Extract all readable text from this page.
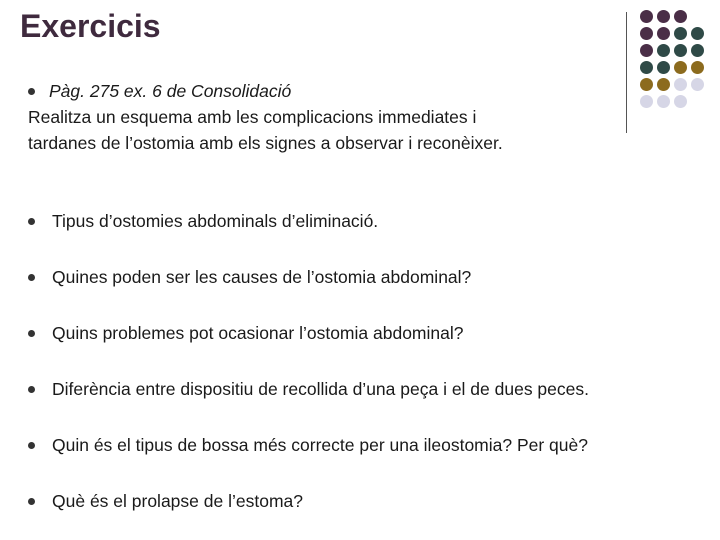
Exercicis
Pàg. 275 ex. 6 de Consolidació
Realitza un esquema amb les complicacions immediates i
tardanes de l’ostomia amb els signes a observar i reconèixer.
Tipus d’ostomies abdominals d’eliminació.
Quines poden ser les causes de l’ostomia abdominal?
Quins problemes pot ocasionar l’ostomia abdominal?
Diferència entre dispositiu de recollida d’una peça i el de dues peces.
Quin és el tipus de bossa més correcte per una ileostomia? Per què?
Què és el prolapse de l’estoma?
